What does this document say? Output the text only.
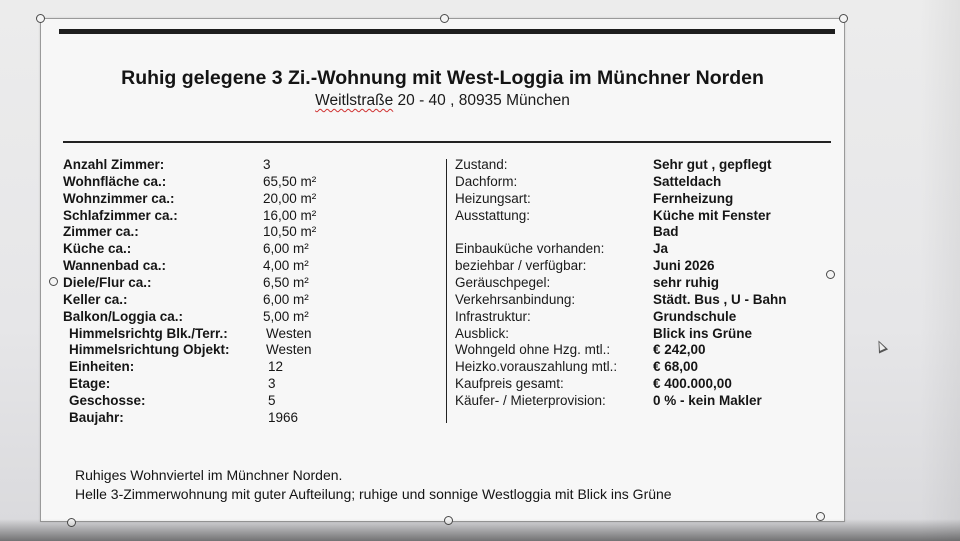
Ruhig gelegene 3 Zi.-Wohnung mit West-Loggia im Münchner Norden
Weitlstraße 20 - 40 , 80935 München
Anzahl Zimmer:	3
Wohnfläche ca.:	65,50 m²
Wohnzimmer ca.:	20,00 m²
Schlafzimmer ca.:	16,00 m²
Zimmer ca.:	10,50 m²
Küche ca.:	6,00 m²
Wannenbad ca.:	4,00 m²
Diele/Flur ca.:	6,50 m²
Keller ca.:	6,00 m²
Balkon/Loggia ca.:	5,00 m²
Himmelsrichtg Blk./Terr.:	Westen
Himmelsrichtung Objekt:	Westen
Einheiten:	12
Etage:	3
Geschosse:	5
Baujahr:	1966
Zustand:	Sehr gut , gepflegt
Dachform:	Satteldach
Heizungsart:	Fernheizung
Ausstattung:	Küche mit Fenster
Bad
Einbauküche vorhanden:	Ja
beziehbar / verfügbar:	Juni 2026
Geräuschpegel:	sehr ruhig
Verkehrsanbindung:	Städt. Bus , U - Bahn
Infrastruktur:	Grundschule
Ausblick:	Blick ins Grüne
Wohngeld ohne Hzg. mtl.:	€ 242,00
Heizko.vorauszahlung mtl.:	€ 68,00
Kaufpreis gesamt:	€ 400.000,00
Käufer- / Mieterprovision:	0 % - kein Makler
Ruhiges Wohnviertel im Münchner Norden.
Helle 3-Zimmerwohnung mit guter Aufteilung; ruhige und sonnige Westloggia mit Blick ins Grüne
